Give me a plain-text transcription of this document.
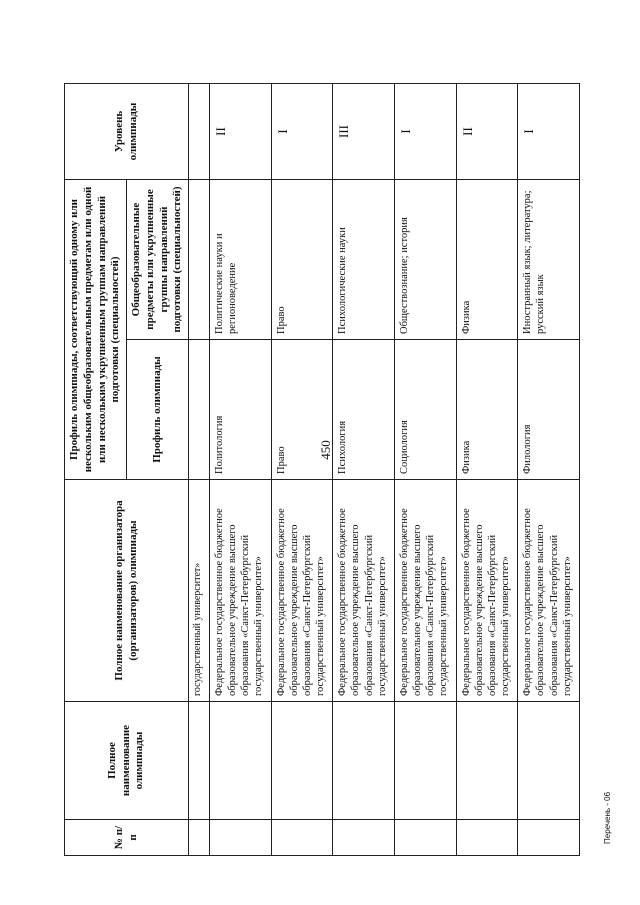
450
№ п/п	Полное наименование олимпиады	Полное наименование организатора (организаторов) олимпиады	Профиль олимпиады, соответствующий одному или нескольким общеобразовательным предметам или одной или нескольким укрупненным группам направлений подготовки (специальностей)		Уровень олимпиады
			Профиль олимпиады	Общеобразовательные предметы или укрупненные группы направлений подготовки (специальностей)	
		государственный университет»			
		Федеральное государственное бюджетное образовательное учреждение высшего образования «Санкт-Петербургский государственный университет»	Политология	Политические науки и регионоведение	II
		Федеральное государственное бюджетное образовательное учреждение высшего образования «Санкт-Петербургский государственный университет»	Право	Право	I
		Федеральное государственное бюджетное образовательное учреждение высшего образования «Санкт-Петербургский государственный университет»	Психология	Психологические науки	III
		Федеральное государственное бюджетное образовательное учреждение высшего образования «Санкт-Петербургский государственный университет»	Социология	Обществознание; история	I
		Федеральное государственное бюджетное образовательное учреждение высшего образования «Санкт-Петербургский государственный университет»	Физика	Физика	II
		Федеральное государственное бюджетное образовательное учреждение высшего образования «Санкт-Петербургский государственный университет»	Филология	Иностранный язык; литература; русский язык	I
Перечень - 06
